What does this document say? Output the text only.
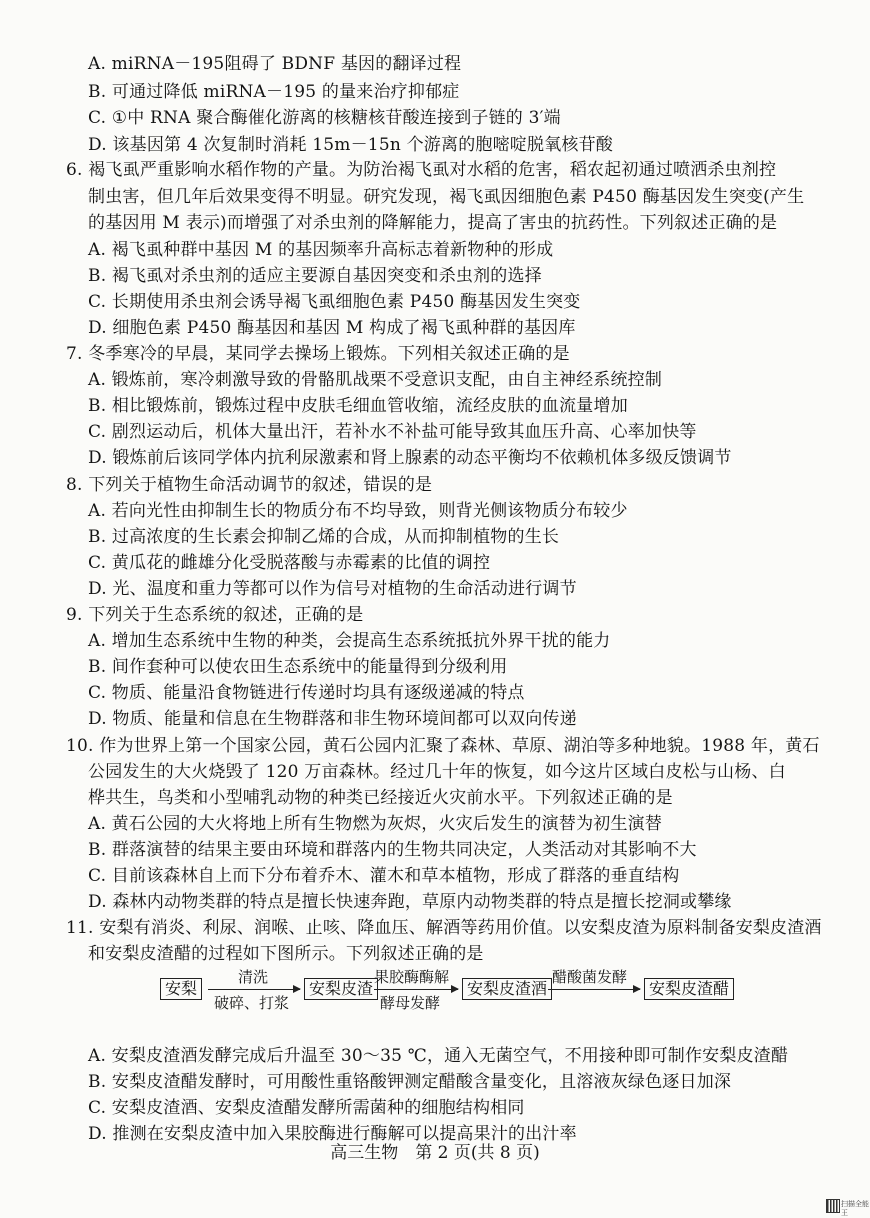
A. miRNA－195阻碍了 BDNF 基因的翻译过程
B. 可通过降低 miRNA－195 的量来治疗抑郁症
C. ①中 RNA 聚合酶催化游离的核糖核苷酸连接到子链的 3′端
D. 该基因第 4 次复制时消耗 15m－15n 个游离的胞嘧啶脱氧核苷酸
6. 褐飞虱严重影响水稻作物的产量。为防治褐飞虱对水稻的危害，稻农起初通过喷洒杀虫剂控
制虫害，但几年后效果变得不明显。研究发现，褐飞虱因细胞色素 P450 酶基因发生突变(产生
的基因用 M 表示)而增强了对杀虫剂的降解能力，提高了害虫的抗药性。下列叙述正确的是
A. 褐飞虱种群中基因 M 的基因频率升高标志着新物种的形成
B. 褐飞虱对杀虫剂的适应主要源自基因突变和杀虫剂的选择
C. 长期使用杀虫剂会诱导褐飞虱细胞色素 P450 酶基因发生突变
D. 细胞色素 P450 酶基因和基因 M 构成了褐飞虱种群的基因库
7. 冬季寒冷的早晨，某同学去操场上锻炼。下列相关叙述正确的是
A. 锻炼前，寒冷刺激导致的骨骼肌战栗不受意识支配，由自主神经系统控制
B. 相比锻炼前，锻炼过程中皮肤毛细血管收缩，流经皮肤的血流量增加
C. 剧烈运动后，机体大量出汗，若补水不补盐可能导致其血压升高、心率加快等
D. 锻炼前后该同学体内抗利尿激素和肾上腺素的动态平衡均不依赖机体多级反馈调节
8. 下列关于植物生命活动调节的叙述，错误的是
A. 若向光性由抑制生长的物质分布不均导致，则背光侧该物质分布较少
B. 过高浓度的生长素会抑制乙烯的合成，从而抑制植物的生长
C. 黄瓜花的雌雄分化受脱落酸与赤霉素的比值的调控
D. 光、温度和重力等都可以作为信号对植物的生命活动进行调节
9. 下列关于生态系统的叙述，正确的是
A. 增加生态系统中生物的种类，会提高生态系统抵抗外界干扰的能力
B. 间作套种可以使农田生态系统中的能量得到分级利用
C. 物质、能量沿食物链进行传递时均具有逐级递减的特点
D. 物质、能量和信息在生物群落和非生物环境间都可以双向传递
10. 作为世界上第一个国家公园，黄石公园内汇聚了森林、草原、湖泊等多种地貌。1988 年，黄石
公园发生的大火烧毁了 120 万亩森林。经过几十年的恢复，如今这片区域白皮松与山杨、白
桦共生，鸟类和小型哺乳动物的种类已经接近火灾前水平。下列叙述正确的是
A. 黄石公园的大火将地上所有生物燃为灰烬，火灾后发生的演替为初生演替
B. 群落演替的结果主要由环境和群落内的生物共同决定，人类活动对其影响不大
C. 目前该森林自上而下分布着乔木、灌木和草本植物，形成了群落的垂直结构
D. 森林内动物类群的特点是擅长快速奔跑，草原内动物类群的特点是擅长挖洞或攀缘
11. 安梨有消炎、利尿、润喉、止咳、降血压、解酒等药用价值。以安梨皮渣为原料制备安梨皮渣酒
和安梨皮渣醋的过程如下图所示。下列叙述正确的是
A. 安梨皮渣酒发酵完成后升温至 30～35 ℃，通入无菌空气，不用接种即可制作安梨皮渣醋
B. 安梨皮渣醋发酵时，可用酸性重铬酸钾测定醋酸含量变化，且溶液灰绿色逐日加深
C. 安梨皮渣酒、安梨皮渣醋发酵所需菌种的细胞结构相同
D. 推测在安梨皮渣中加入果胶酶进行酶解可以提高果汁的出汁率
安梨
清洗
破碎、打浆
安梨皮渣
果胶酶酶解
酵母发酵
安梨皮渣酒
醋酸菌发酵
安梨皮渣醋
高三生物　第 2 页(共 8 页)
扫描全能王
